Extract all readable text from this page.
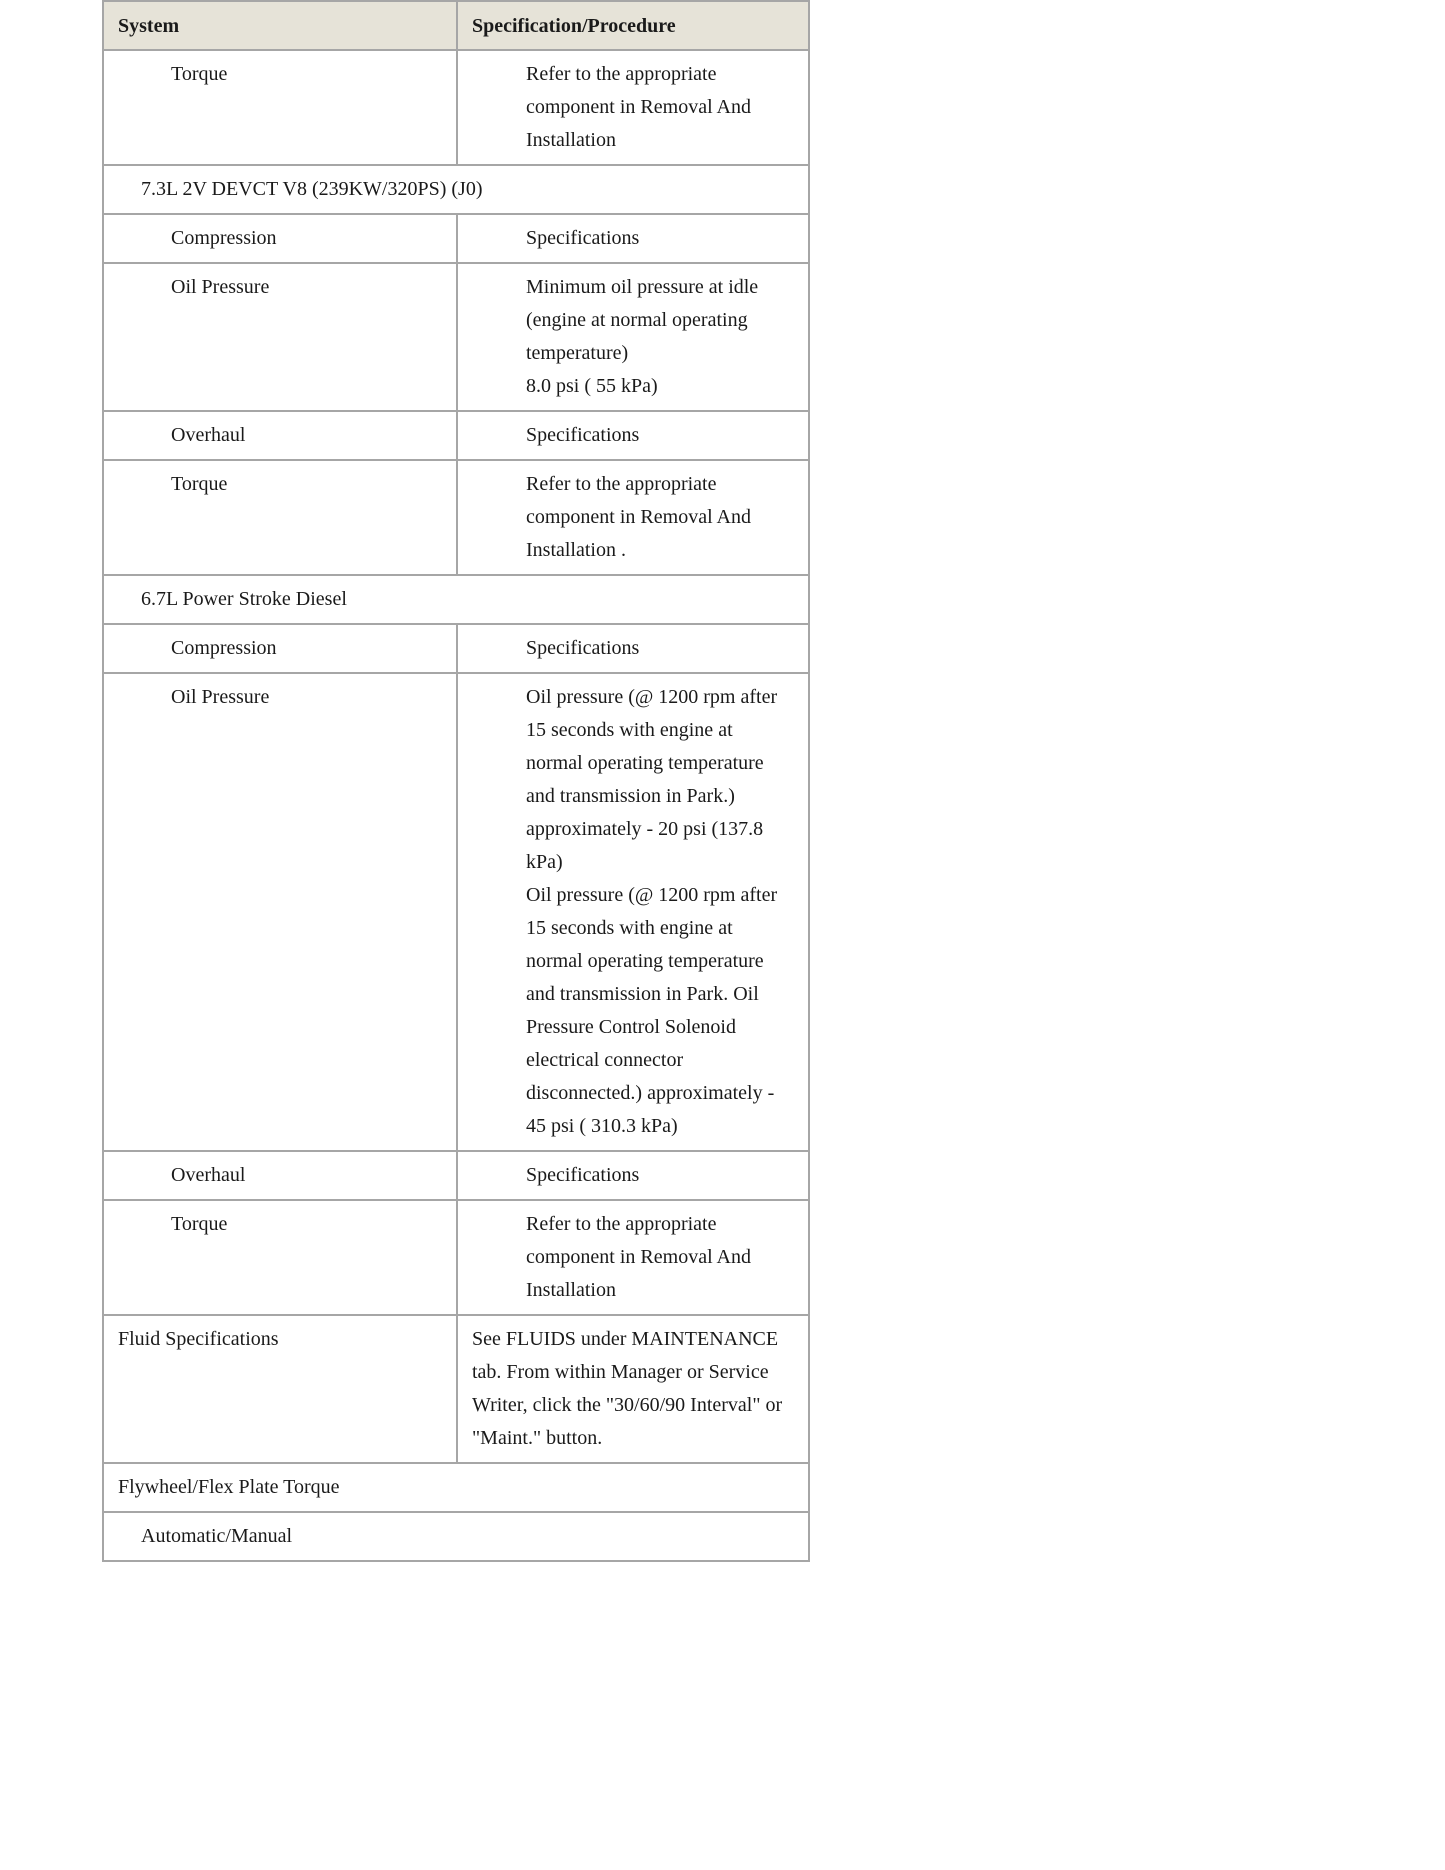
System	Specification/Procedure
Torque	Refer to the appropriate component in Removal And Installation

7.3L 2V DEVCT V8 (239KW/320PS) (J0)	
Compression	Specifications

Oil Pressure	Minimum oil pressure at idle (engine at normal operating temperature)
8.0 psi ( 55 kPa)

Overhaul	Specifications

Torque	Refer to the appropriate component in Removal And Installation .

6.7L Power Stroke Diesel	
Compression	Specifications

Oil Pressure	Oil pressure (@ 1200 rpm after 15 seconds with engine at normal operating temperature and transmission in Park.) approximately - 20 psi (137.8 kPa)
Oil pressure (@ 1200 rpm after 15 seconds with engine at normal operating temperature and transmission in Park. Oil Pressure Control Solenoid electrical connector disconnected.) approximately - 45 psi ( 310.3 kPa)

Overhaul	Specifications

Torque	Refer to the appropriate component in Removal And Installation

Fluid Specifications	See FLUIDS under MAINTENANCE tab. From within Manager or Service Writer, click the "30/60/90 Interval" or "Maint." button.

Flywheel/Flex Plate Torque	
Automatic/Manual	
